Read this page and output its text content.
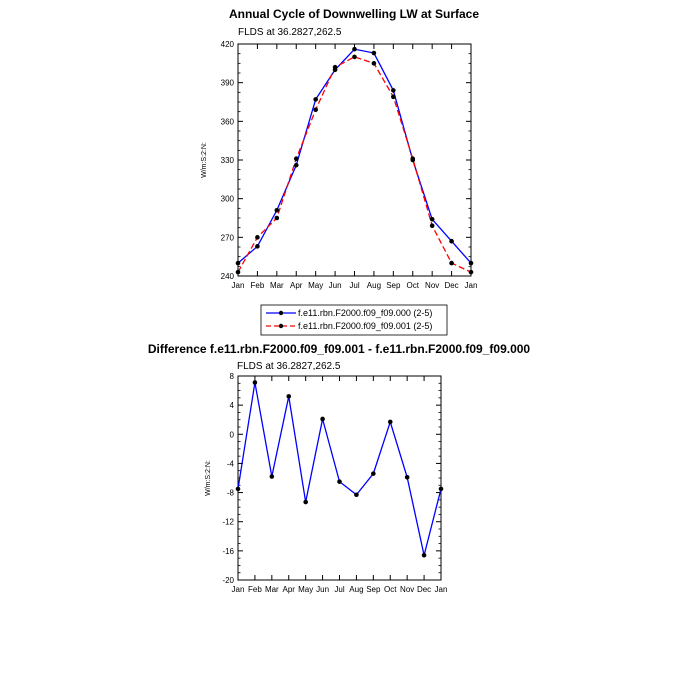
Annual Cycle of Downwelling LW at Surface
FLDS at 36.2827,262.5
240
270
300
330
360
390
420
Jan Feb Mar Apr May Jun Jul Aug Sep Oct Nov Dec Jan
W/m:S:2:N:
f.e11.rbn.F2000.f09_f09.000 (2-5)
f.e11.rbn.F2000.f09_f09.001 (2-5)
Difference f.e11.rbn.F2000.f09_f09.001 - f.e11.rbn.F2000.f09_f09.000
FLDS at 36.2827,262.5
-20
-16
-12
-8
-4
0
4
8
Jan Feb Mar Apr May Jun Jul Aug Sep Oct Nov Dec Jan
W/m:S:2:N:
